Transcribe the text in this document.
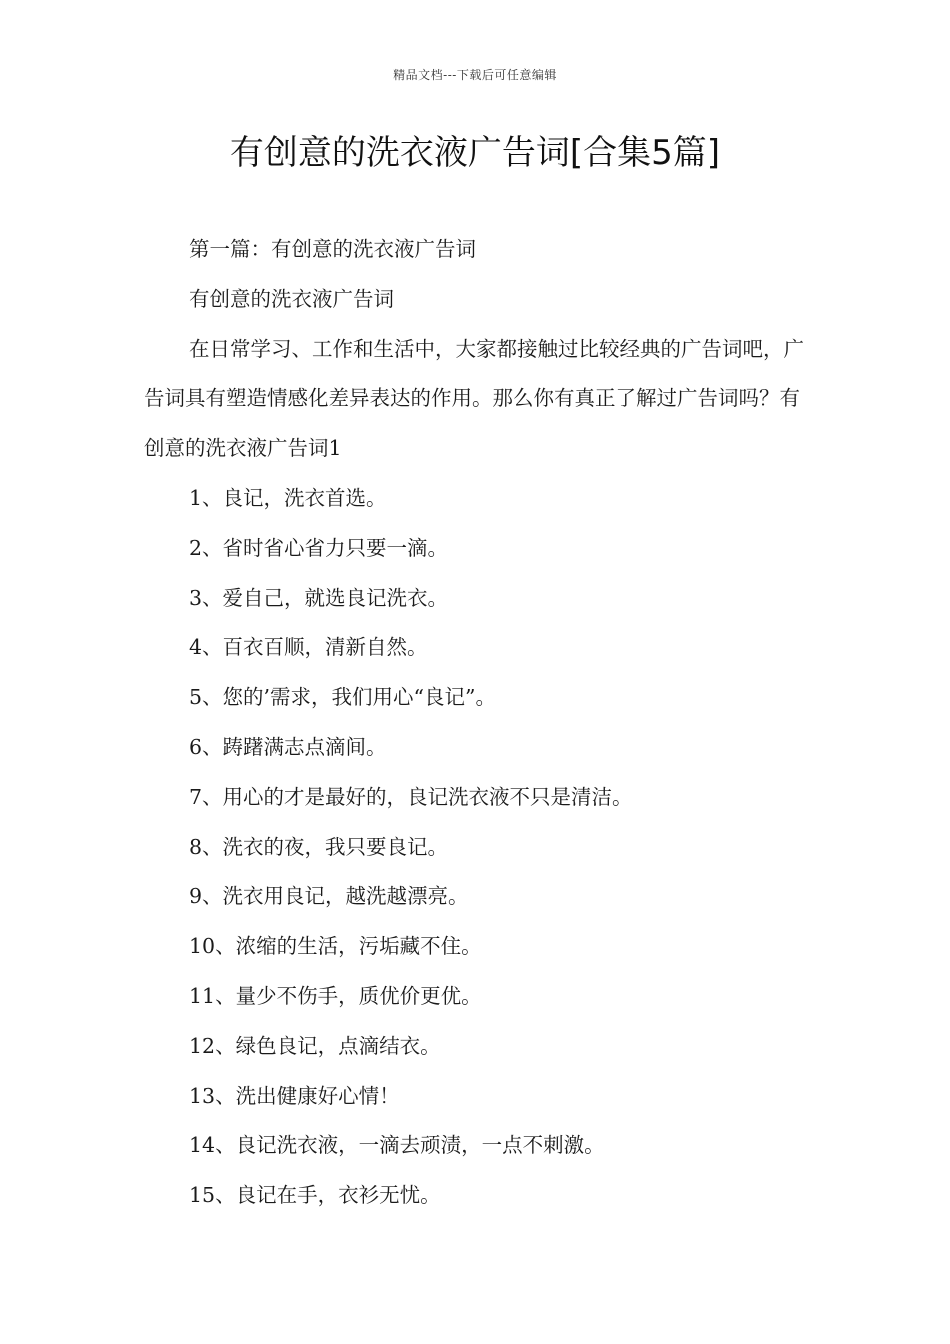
精品文档---下载后可任意编辑
有创意的洗衣液广告词[合集5篇]

第一篇：有创意的洗衣液广告词

有创意的洗衣液广告词

在日常学习、工作和生活中，大家都接触过比较经典的广告词吧，广告词具有塑造情感化差异表达的作用。那么你有真正了解过广告词吗？有创意的洗衣液广告词1

1、良记，洗衣首选。

2、省时省心省力只要一滴。

3、爱自己，就选良记洗衣。

4、百衣百顺，清新自然。

5、您的’需求，我们用心“良记”。

6、踌躇满志点滴间。

7、用心的才是最好的，良记洗衣液不只是清洁。

8、洗衣的夜，我只要良记。

9、洗衣用良记，越洗越漂亮。

10、浓缩的生活，污垢藏不住。

11、量少不伤手，质优价更优。

12、绿色良记，点滴结衣。

13、洗出健康好心情！

14、良记洗衣液，一滴去顽渍，一点不刺激。

15、良记在手，衣衫无忧。
